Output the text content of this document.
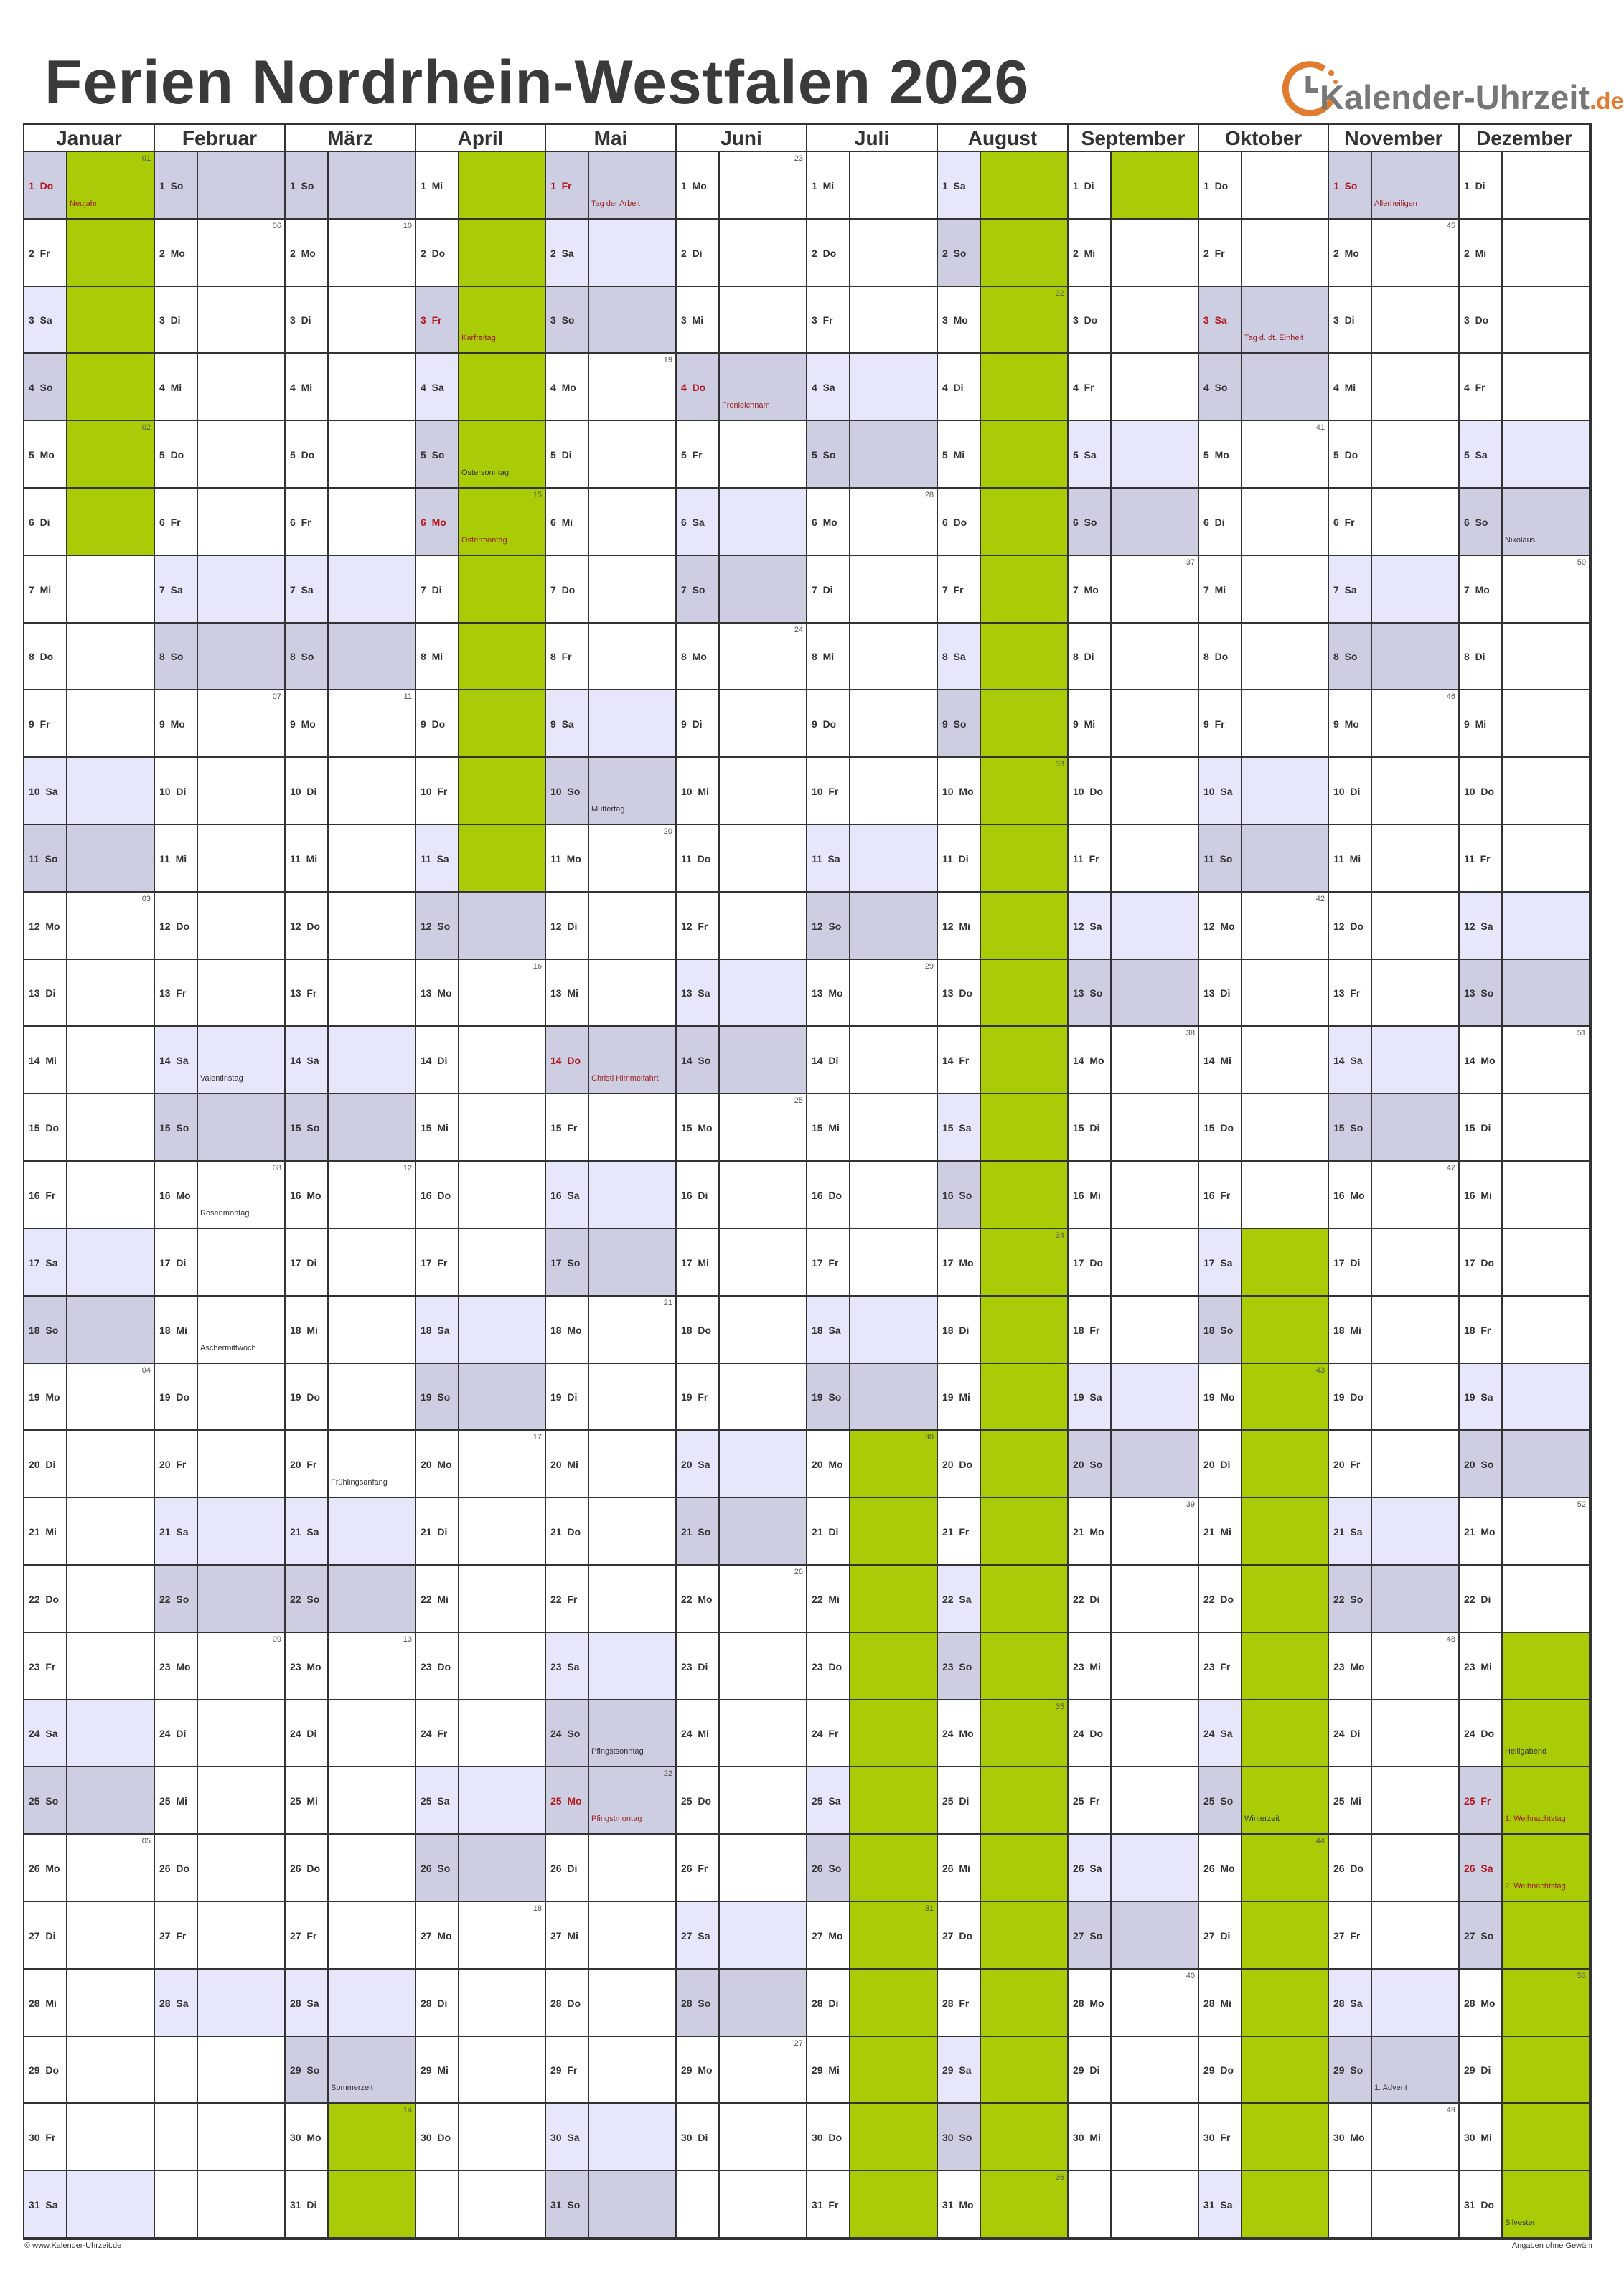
Ferien Nordrhein-Westfalen 2026	Kalender-Uhrzeit.de
Januar
1  Do
01
Neujahr
2  Fr
3  Sa
4  So
5  Mo
02
6  Di
7  Mi
8  Do
9  Fr
10  Sa
11  So
12  Mo
03
13  Di
14  Mi
15  Do
16  Fr
17  Sa
18  So
19  Mo
04
20  Di
21  Mi
22  Do
23  Fr
24  Sa
25  So
26  Mo
05
27  Di
28  Mi
29  Do
30  Fr
31  Sa
Februar
1  So
2  Mo
06
3  Di
4  Mi
5  Do
6  Fr
7  Sa
8  So
9  Mo
07
10  Di
11  Mi
12  Do
13  Fr
14  Sa
Valentinstag
15  So
16  Mo
08
Rosenmontag
17  Di
18  Mi
Aschermittwoch
19  Do
20  Fr
21  Sa
22  So
23  Mo
09
24  Di
25  Mi
26  Do
27  Fr
28  Sa
März
1  So
2  Mo
10
3  Di
4  Mi
5  Do
6  Fr
7  Sa
8  So
9  Mo
11
10  Di
11  Mi
12  Do
13  Fr
14  Sa
15  So
16  Mo
12
17  Di
18  Mi
19  Do
20  Fr
Frühlingsanfang
21  Sa
22  So
23  Mo
13
24  Di
25  Mi
26  Do
27  Fr
28  Sa
29  So
Sommerzeit
30  Mo
14
31  Di
April
1  Mi
2  Do
3  Fr
Karfreitag
4  Sa
5  So
Ostersonntag
6  Mo
15
Ostermontag
7  Di
8  Mi
9  Do
10  Fr
11  Sa
12  So
13  Mo
16
14  Di
15  Mi
16  Do
17  Fr
18  Sa
19  So
20  Mo
17
21  Di
22  Mi
23  Do
24  Fr
25  Sa
26  So
27  Mo
18
28  Di
29  Mi
30  Do
Mai
1  Fr
Tag der Arbeit
2  Sa
3  So
4  Mo
19
5  Di
6  Mi
7  Do
8  Fr
9  Sa
10  So
Muttertag
11  Mo
20
12  Di
13  Mi
14  Do
Christi Himmelfahrt
15  Fr
16  Sa
17  So
18  Mo
21
19  Di
20  Mi
21  Do
22  Fr
23  Sa
24  So
Pfingstsonntag
25  Mo
22
Pfingstmontag
26  Di
27  Mi
28  Do
29  Fr
30  Sa
31  So
Juni
1  Mo
23
2  Di
3  Mi
4  Do
Fronleichnam
5  Fr
6  Sa
7  So
8  Mo
24
9  Di
10  Mi
11  Do
12  Fr
13  Sa
14  So
15  Mo
25
16  Di
17  Mi
18  Do
19  Fr
20  Sa
21  So
22  Mo
26
23  Di
24  Mi
25  Do
26  Fr
27  Sa
28  So
29  Mo
27
30  Di
Juli
1  Mi
2  Do
3  Fr
4  Sa
5  So
6  Mo
28
7  Di
8  Mi
9  Do
10  Fr
11  Sa
12  So
13  Mo
29
14  Di
15  Mi
16  Do
17  Fr
18  Sa
19  So
20  Mo
30
21  Di
22  Mi
23  Do
24  Fr
25  Sa
26  So
27  Mo
31
28  Di
29  Mi
30  Do
31  Fr
August
1  Sa
2  So
3  Mo
32
4  Di
5  Mi
6  Do
7  Fr
8  Sa
9  So
10  Mo
33
11  Di
12  Mi
13  Do
14  Fr
15  Sa
16  So
17  Mo
34
18  Di
19  Mi
20  Do
21  Fr
22  Sa
23  So
24  Mo
35
25  Di
26  Mi
27  Do
28  Fr
29  Sa
30  So
31  Mo
36
September
1  Di
2  Mi
3  Do
4  Fr
5  Sa
6  So
7  Mo
37
8  Di
9  Mi
10  Do
11  Fr
12  Sa
13  So
14  Mo
38
15  Di
16  Mi
17  Do
18  Fr
19  Sa
20  So
21  Mo
39
22  Di
23  Mi
24  Do
25  Fr
26  Sa
27  So
28  Mo
40
29  Di
30  Mi
Oktober
1  Do
2  Fr
3  Sa
Tag d. dt. Einheit
4  So
5  Mo
41
6  Di
7  Mi
8  Do
9  Fr
10  Sa
11  So
12  Mo
42
13  Di
14  Mi
15  Do
16  Fr
17  Sa
18  So
19  Mo
43
20  Di
21  Mi
22  Do
23  Fr
24  Sa
25  So
Winterzeit
26  Mo
44
27  Di
28  Mi
29  Do
30  Fr
31  Sa
November
1  So
Allerheiligen
2  Mo
45
3  Di
4  Mi
5  Do
6  Fr
7  Sa
8  So
9  Mo
46
10  Di
11  Mi
12  Do
13  Fr
14  Sa
15  So
16  Mo
47
17  Di
18  Mi
19  Do
20  Fr
21  Sa
22  So
23  Mo
48
24  Di
25  Mi
26  Do
27  Fr
28  Sa
29  So
1. Advent
30  Mo
49
Dezember
1  Di
2  Mi
3  Do
4  Fr
5  Sa
6  So
Nikolaus
7  Mo
50
8  Di
9  Mi
10  Do
11  Fr
12  Sa
13  So
14  Mo
51
15  Di
16  Mi
17  Do
18  Fr
19  Sa
20  So
21  Mo
52
22  Di
23  Mi
24  Do
Heiligabend
25  Fr
1. Weihnachtstag
26  Sa
2. Weihnachtstag
27  So
28  Mo
53
29  Di
30  Mi
31  Do
Silvester
© www.Kalender-Uhrzeit.de	Angaben ohne Gewähr
